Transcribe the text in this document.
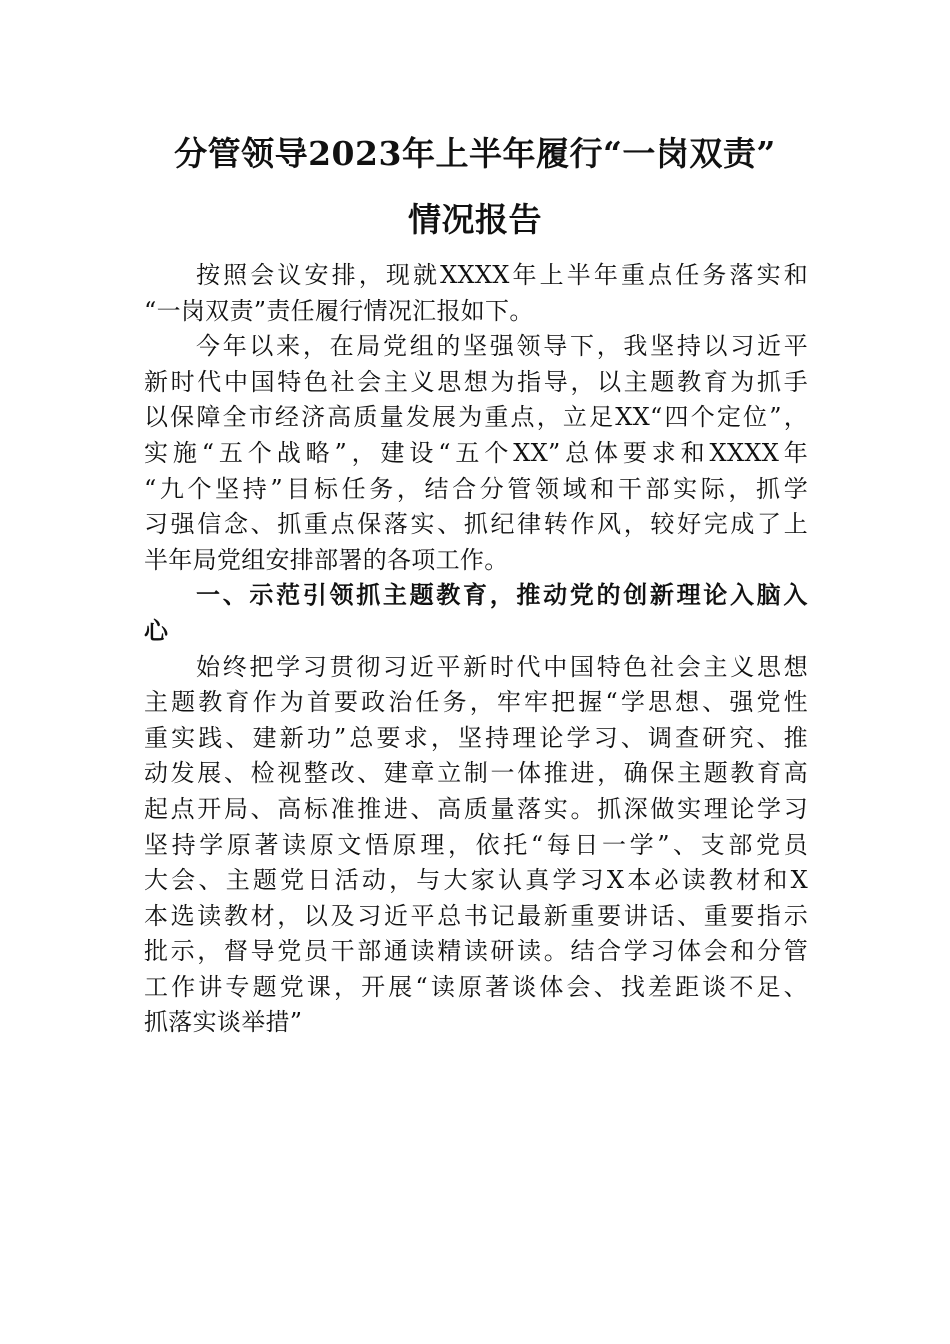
分管领导2023年上半年履行“一岗双责”
情况报告
按照会议安排，现就XXXX年上半年重点任务落实和
“一岗双责”责任履行情况汇报如下。
今年以来，在局党组的坚强领导下，我坚持以习近平
新时代中国特色社会主义思想为指导，以主题教育为抓手
以保障全市经济高质量发展为重点，立足XX“四个定位”，
实施“五个战略”，建设“五个XX”总体要求和XXXX年
“九个坚持”目标任务，结合分管领域和干部实际，抓学
习强信念、抓重点保落实、抓纪律转作风，较好完成了上
半年局党组安排部署的各项工作。
一、示范引领抓主题教育，推动党的创新理论入脑入
心
始终把学习贯彻习近平新时代中国特色社会主义思想
主题教育作为首要政治任务，牢牢把握“学思想、强党性
重实践、建新功”总要求，坚持理论学习、调查研究、推
动发展、检视整改、建章立制一体推进，确保主题教育高
起点开局、高标准推进、高质量落实。抓深做实理论学习
坚持学原著读原文悟原理，依托“每日一学”、支部党员
大会、主题党日活动，与大家认真学习X本必读教材和X
本选读教材，以及习近平总书记最新重要讲话、重要指示
批示，督导党员干部通读精读研读。结合学习体会和分管
工作讲专题党课，开展“读原著谈体会、找差距谈不足、
抓落实谈举措”
